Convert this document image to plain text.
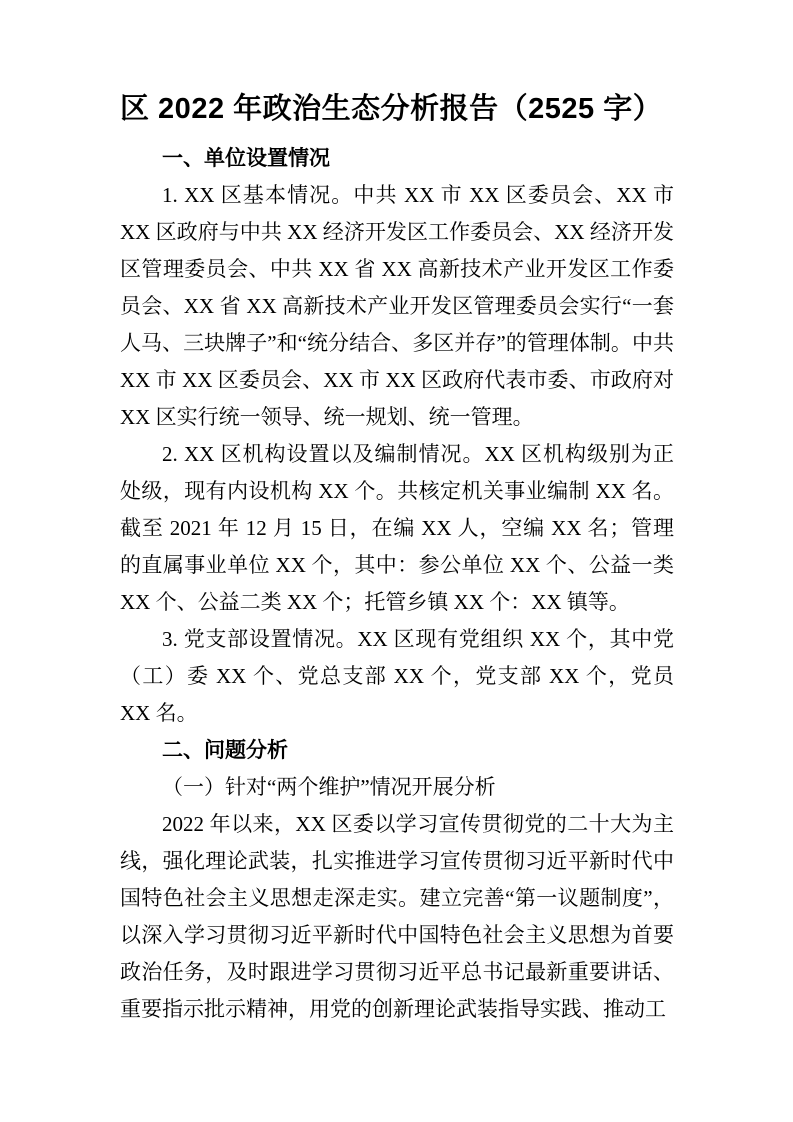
区 2022 年政治生态分析报告（2525 字）
一、单位设置情况

1. XX 区基本情况。中共 XX 市 XX 区委员会、XX 市 XX 区政府与中共 XX 经济开发区工作委员会、XX 经济开发区管理委员会、中共 XX 省 XX 高新技术产业开发区工作委员会、XX 省 XX 高新技术产业开发区管理委员会实行“一套人马、三块牌子”和“统分结合、多区并存”的管理体制。中共 XX 市 XX 区委员会、XX 市 XX 区政府代表市委、市政府对 XX 区实行统一领导、统一规划、统一管理。

2. XX 区机构设置以及编制情况。XX 区机构级别为正处级，现有内设机构 XX 个。共核定机关事业编制 XX 名。截至 2021 年 12 月 15 日，在编 XX 人，空编 XX 名；管理的直属事业单位 XX 个，其中：参公单位 XX 个、公益一类 XX 个、公益二类 XX 个；托管乡镇 XX 个：XX 镇等。

3. 党支部设置情况。XX 区现有党组织 XX 个，其中党（工）委 XX 个、党总支部 XX 个，党支部 XX 个，党员 XX 名。

二、问题分析

（一）针对“两个维护”情况开展分析

2022 年以来，XX 区委以学习宣传贯彻党的二十大为主线，强化理论武装，扎实推进学习宣传贯彻习近平新时代中国特色社会主义思想走深走实。建立完善“第一议题制度”，以深入学习贯彻习近平新时代中国特色社会主义思想为首要政治任务，及时跟进学习贯彻习近平总书记最新重要讲话、重要指示批示精神，用党的创新理论武装指导实践、推动工
